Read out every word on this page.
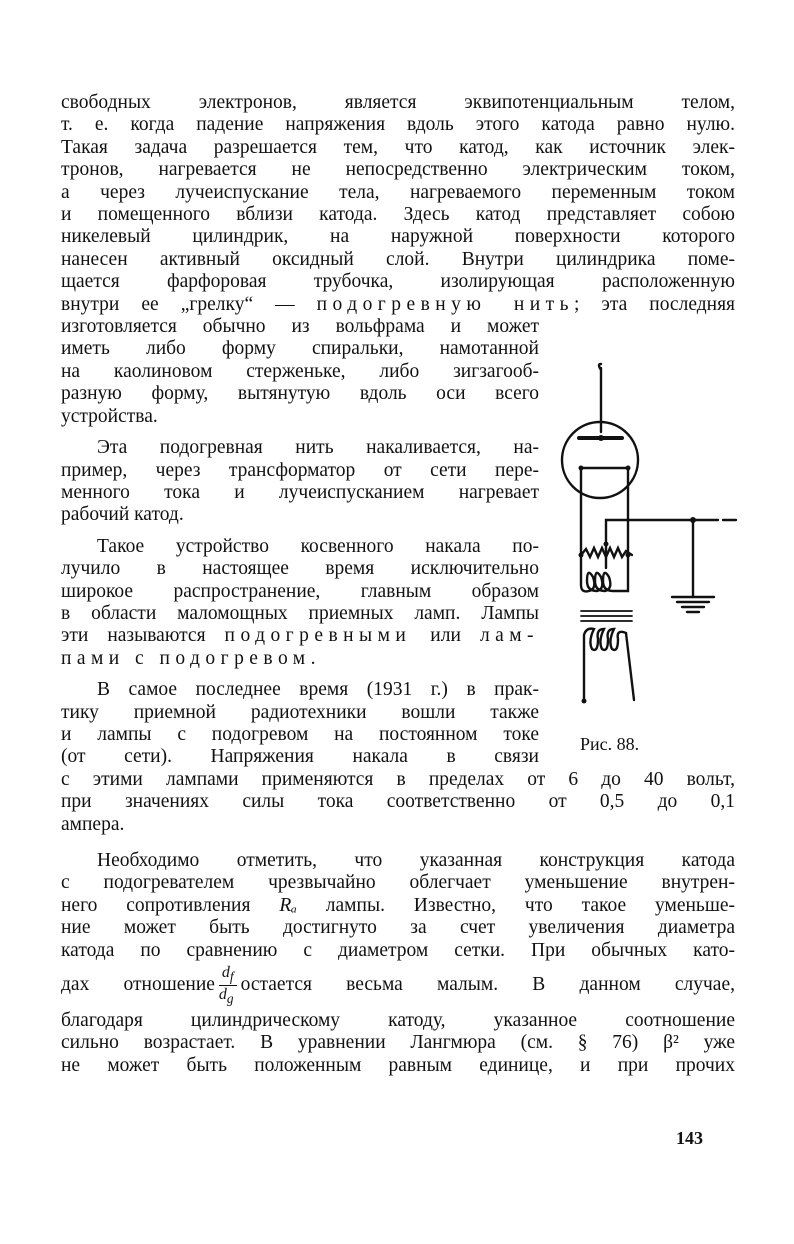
свободных электронов, является эквипотенциальным телом,
т. е. когда падение напряжения вдоль этого катода равно нулю.
Такая задача разрешается тем, что катод, как источник элек-
тронов, нагревается не непосредственно электрическим током,
а через лучеиспускание тела, нагреваемого переменным током
и помещенного вблизи катода. Здесь катод представляет собою
никелевый цилиндрик, на наружной поверхности которого
нанесен активный оксидный слой. Внутри цилиндрика поме-
щается фарфоровая трубочка, изолирующая расположенную
внутри ее „грелку“ — подогревную нить; эта последняя
изготовляется обычно из вольфрама и может
иметь либо форму спиральки, намотанной
на каолиновом стерженьке, либо зигзагооб-
разную форму, вытянутую вдоль оси всего
устройства.
Эта подогревная нить накаливается, на-
пример, через трансформатор от сети пере-
менного тока и лучеиспусканием нагревает
рабочий катод.
Такое устройство косвенного накала по-
лучило в настоящее время исключительно
широкое распространение, главным образом
в области маломощных приемных ламп. Лампы
эти называются подогревными или лам-
пами с подогревом.
В самое последнее время (1931 г.) в прак-
тику приемной радиотехники вошли также
и лампы с подогревом на постоянном токе
(от сети). Напряжения накала в связи
с этими лампами применяются в пределах от 6 до 40 вольт,
при значениях силы тока соответственно от 0,5 до 0,1
ампера.
Необходимо отметить, что указанная конструкция катода
с подогревателем чрезвычайно облегчает уменьшение внутрен-
него сопротивления Rₐ лампы. Известно, что такое уменьше-
ние может быть достигнуто за счет увеличения диаметра
катода по сравнению с диаметром сетки. При обычных като-
дах отношение $\frac{d_f}{d_g}$ остается весьма малым. В данном случае,
благодаря цилиндрическому катоду, указанное соотношение
сильно возрастает. В уравнении Лангмюра (см. § 76) β² уже
не может быть положенным равным единице, и при прочих
Рис. 88.
143
